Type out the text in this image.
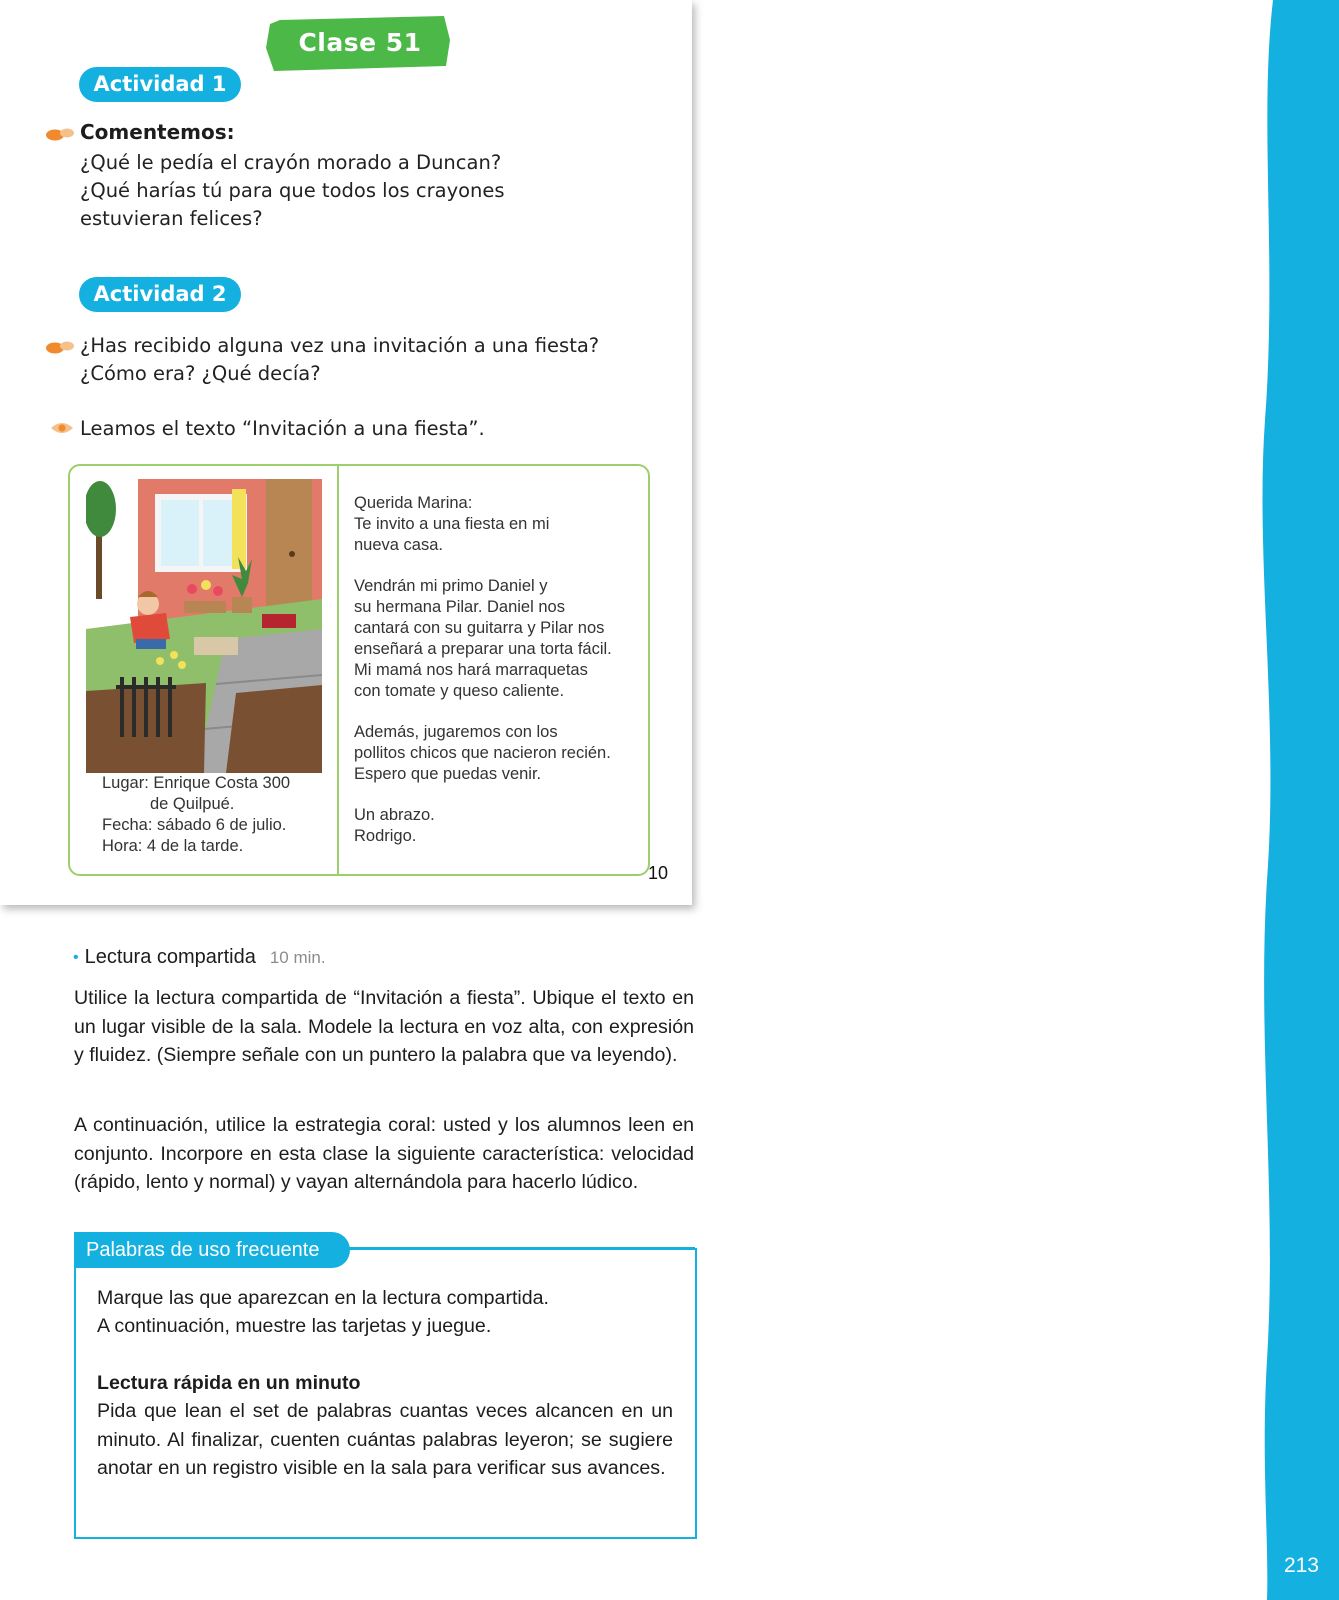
213
Clase 51
Actividad 1
Comentemos:
¿Qué le pedía el crayón morado a Duncan?
¿Qué harías tú para que todos los crayones
estuvieran felices?
Actividad 2
¿Has recibido alguna vez una invitación a una fiesta?
¿Cómo era? ¿Qué decía?
Leamos el texto “Invitación a una fiesta”.
Lugar: Enrique Costa 300
de Quilpué.
Fecha: sábado 6 de julio.
Hora: 4 de la tarde.
Querida Marina:
Te invito a una fiesta en mi
nueva casa.
Vendrán mi primo Daniel y
su hermana Pilar. Daniel nos
cantará con su guitarra y Pilar nos
enseñará a preparar una torta fácil.
Mi mamá nos hará marraquetas
con tomate y queso caliente.
Además, jugaremos con los
pollitos chicos que nacieron recién.
Espero que puedas venir.
Un abrazo.
Rodrigo.
10
• Lectura compartida 10 min.
Utilice la lectura compartida de “Invitación a fiesta”. Ubique el texto en un lugar visible de la sala. Modele la lectura en voz alta, con expresión y fluidez. (Siempre señale con un puntero la palabra que va leyendo).
A continuación, utilice la estrategia coral: usted y los alumnos leen en conjunto. Incorpore en esta clase la siguiente característica: velocidad (rápido, lento y normal) y vayan alternándola para hacerlo lúdico.
Palabras de uso frecuente
Marque las que aparezcan en la lectura compartida.
A continuación, muestre las tarjetas y juegue.
Lectura rápida en un minuto
Pida que lean el set de palabras cuantas veces alcancen en un minuto. Al finalizar, cuenten cuántas palabras leyeron; se sugiere anotar en un registro visible en la sala para verificar sus avances.
